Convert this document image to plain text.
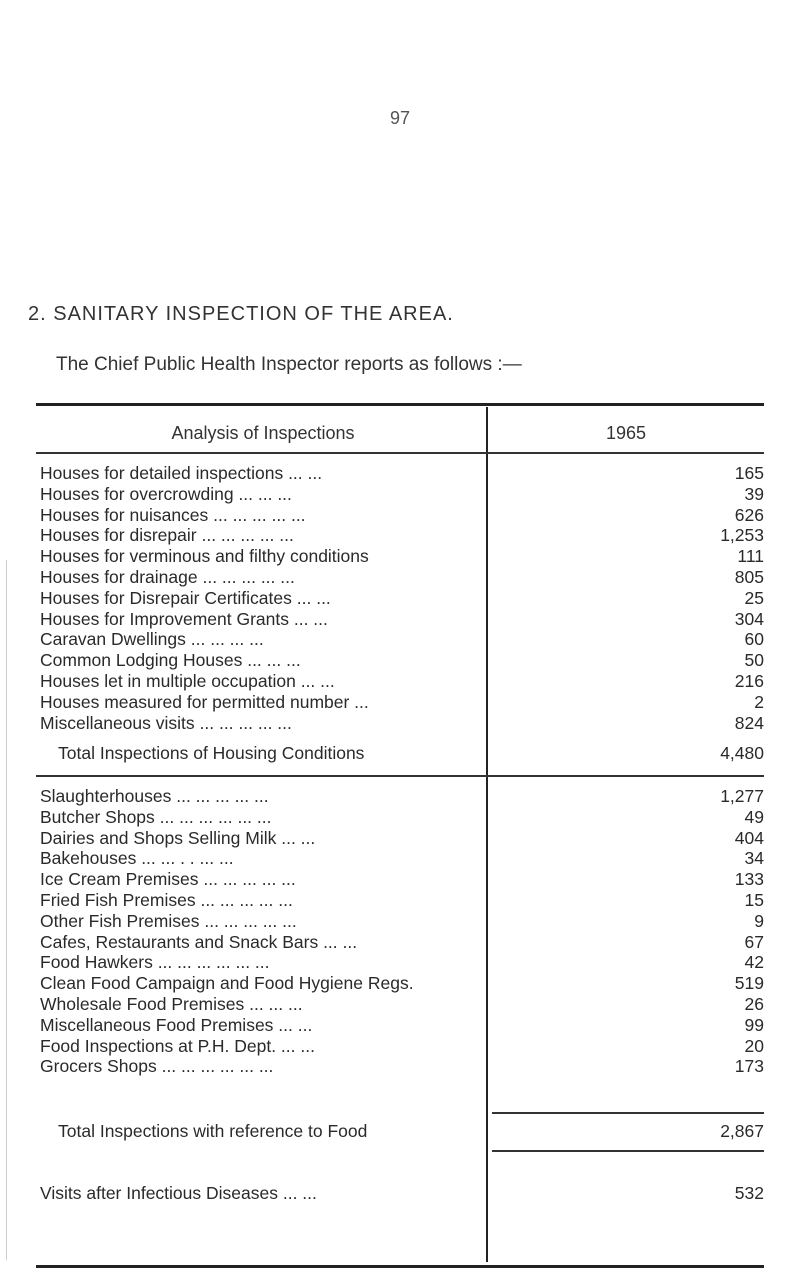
97
2. SANITARY INSPECTION OF THE AREA.
The Chief Public Health Inspector reports as follows :—
Analysis of Inspections	1965
Houses for detailed inspections ... ...	165
Houses for overcrowding ... ... ...	39
Houses for nuisances ... ... ... ... ...	626
Houses for disrepair ... ... ... ... ...	1,253
Houses for verminous and filthy conditions	111
Houses for drainage ... ... ... ... ...	805
Houses for Disrepair Certificates ... ...	25
Houses for Improvement Grants ... ...	304
Caravan Dwellings ... ... ... ...	60
Common Lodging Houses ... ... ...	50
Houses let in multiple occupation ... ...	216
Houses measured for permitted number ...	2
Miscellaneous visits ... ... ... ... ...	824
Total Inspections of Housing Conditions	4,480
Slaughterhouses ... ... ... ... ...	1,277
Butcher Shops ... ... ... ... ... ...	49
Dairies and Shops Selling Milk ... ...	404
Bakehouses ... ... . . ... ...	34
Ice Cream Premises ... ... ... ... ...	133
Fried Fish Premises ... ... ... ... ...	15
Other Fish Premises ... ... ... ... ...	9
Cafes, Restaurants and Snack Bars ... ...	67
Food Hawkers ... ... ... ... ... ...	42
Clean Food Campaign and Food Hygiene Regs.	519
Wholesale Food Premises ... ... ...	26
Miscellaneous Food Premises ... ...	99
Food Inspections at P.H. Dept. ... ...	20
Grocers Shops ... ... ... ... ... ...	173
Total Inspections with reference to Food	2,867
Visits after Infectious Diseases ... ...	532
